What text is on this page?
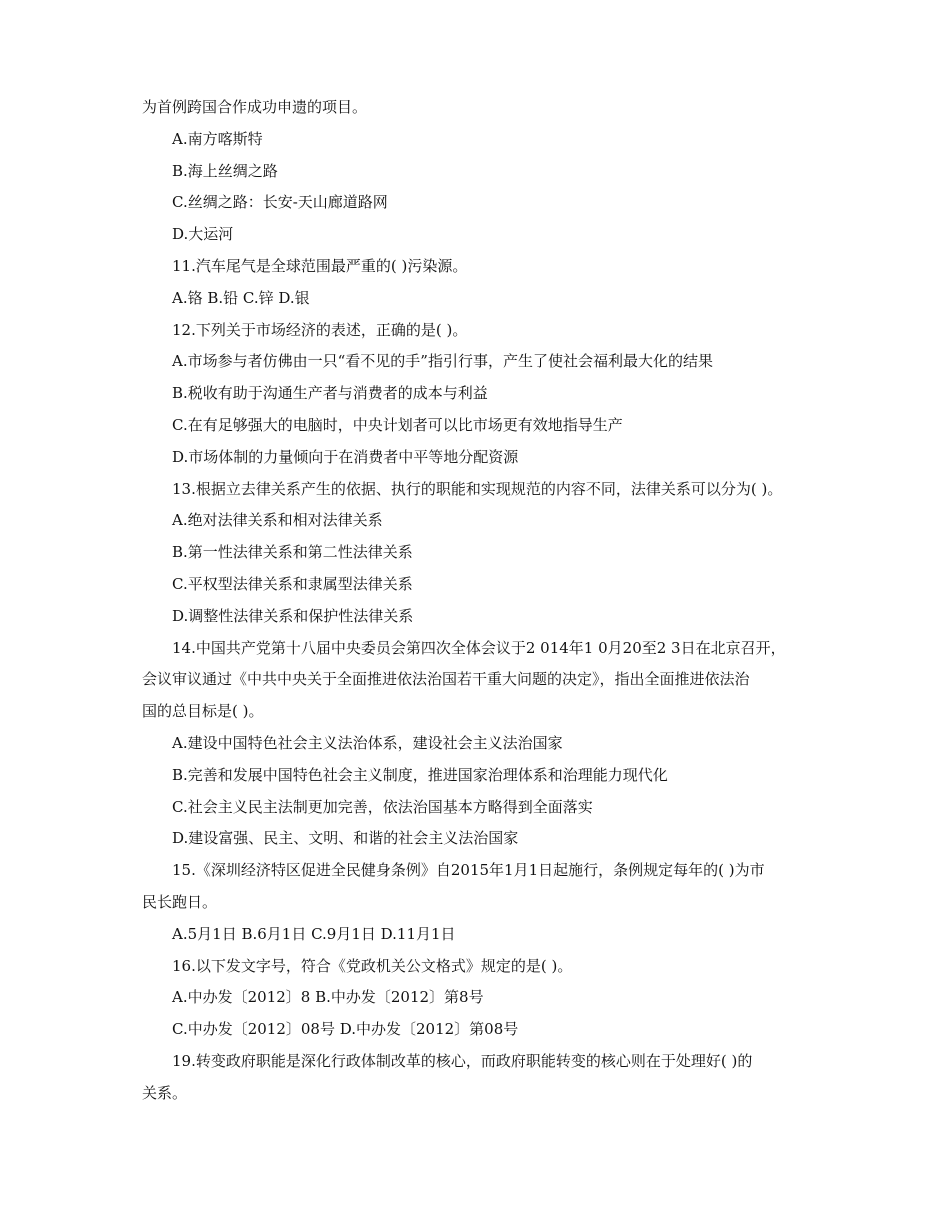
为首例跨国合作成功申遗的项目。
A.南方喀斯特
B.海上丝绸之路
C.丝绸之路：长安-天山廊道路网
D.大运河
11.汽车尾气是全球范围最严重的( )污染源。
A.铬 B.铅 C.锌 D.银
12.下列关于市场经济的表述，正确的是( )。
A.市场参与者仿佛由一只“看不见的手”指引行事，产生了使社会福利最大化的结果
B.税收有助于沟通生产者与消费者的成本与利益
C.在有足够强大的电脑时，中央计划者可以比市场更有效地指导生产
D.市场体制的力量倾向于在消费者中平等地分配资源
13.根据立去律关系产生的依据、执行的职能和实现规范的内容不同，法律关系可以分为( )。
A.绝对法律关系和相对法律关系
B.第一性法律关系和第二性法律关系
C.平权型法律关系和隶属型法律关系
D.调整性法律关系和保护性法律关系
14.中国共产党第十八届中央委员会第四次全体会议于2 014年1 0月20至2 3日在北京召开，
会议审议通过《中共中央关于全面推进依法治国若干重大问题的决定》，指出全面推进依法治
国的总目标是( )。
A.建设中国特色社会主义法治体系，建设社会主义法治国家
B.完善和发展中国特色社会主义制度，推进国家治理体系和治理能力现代化
C.社会主义民主法制更加完善，依法治国基本方略得到全面落实
D.建设富强、民主、文明、和谐的社会主义法治国家
15.《深圳经济特区促进全民健身条例》自2015年1月1日起施行，条例规定每年的( )为市
民长跑日。
A.5月1日 B.6月1日 C.9月1日 D.11月1日
16.以下发文字号，符合《党政机关公文格式》规定的是( )。
A.中办发〔2012〕8 B.中办发〔2012〕第8号
C.中办发〔2012〕08号 D.中办发〔2012〕第08号
19.转变政府职能是深化行政体制改革的核心，而政府职能转变的核心则在于处理好( )的
关系。
